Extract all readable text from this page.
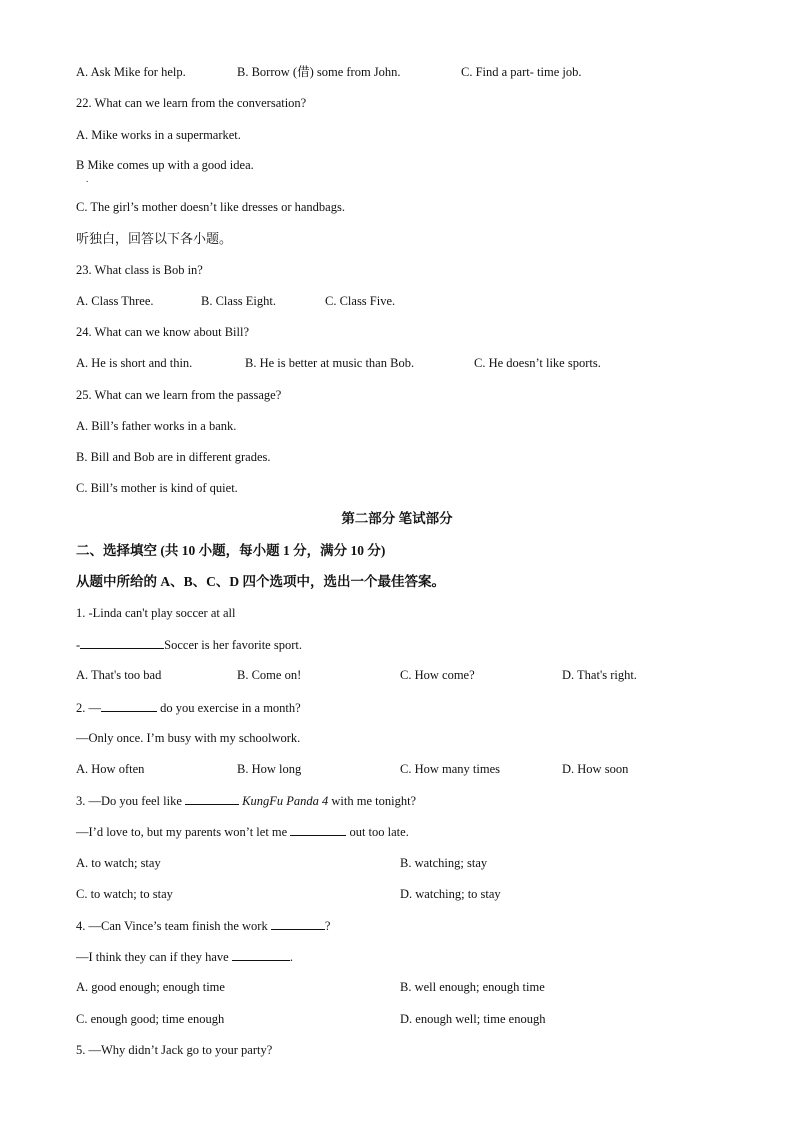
A. Ask Mike for help.	B. Borrow (借) some from John.	C. Find a part- time job.
22. What can we learn from the conversation?
A. Mike works in a supermarket.
B Mike comes up with a good idea.
.
C. The girl’s mother doesn’t like dresses or handbags.
听独白，回答以下各小题。
23. What class is Bob in?
A. Class Three.	B. Class Eight.	C. Class Five.
24. What can we know about Bill?
A. He is short and thin.	B. He is better at music than Bob.	C. He doesn’t like sports.
25. What can we learn from the passage?
A. Bill’s father works in a bank.
B. Bill and Bob are in different grades.
C. Bill’s mother is kind of quiet.
第二部分 笔试部分
二、选择填空 (共 10 小题，每小题 1 分，满分 10 分)
从题中所给的 A、B、C、D 四个选项中，选出一个最佳答案。
1. -Linda can't play soccer at all
-	Soccer is her favorite sport.
A. That's too bad	B. Come on!	C. How come?	D. That's right.
2. —	do you exercise in a month?
—Only once. I’m busy with my schoolwork.
A. How often	B. How long	C. How many times	D. How soon
3. —Do you feel like	KungFu Panda 4 with me tonight?
—I’d love to, but my parents won’t let me	out too late.
A. to watch; stay	B. watching; stay
C. to watch; to stay	D. watching; to stay
4. —Can Vince’s team finish the work	?
—I think they can if they have	.
A. good enough; enough time	B. well enough; enough time
C. enough good; time enough	D. enough well; time enough
5. —Why didn’t Jack go to your party?
